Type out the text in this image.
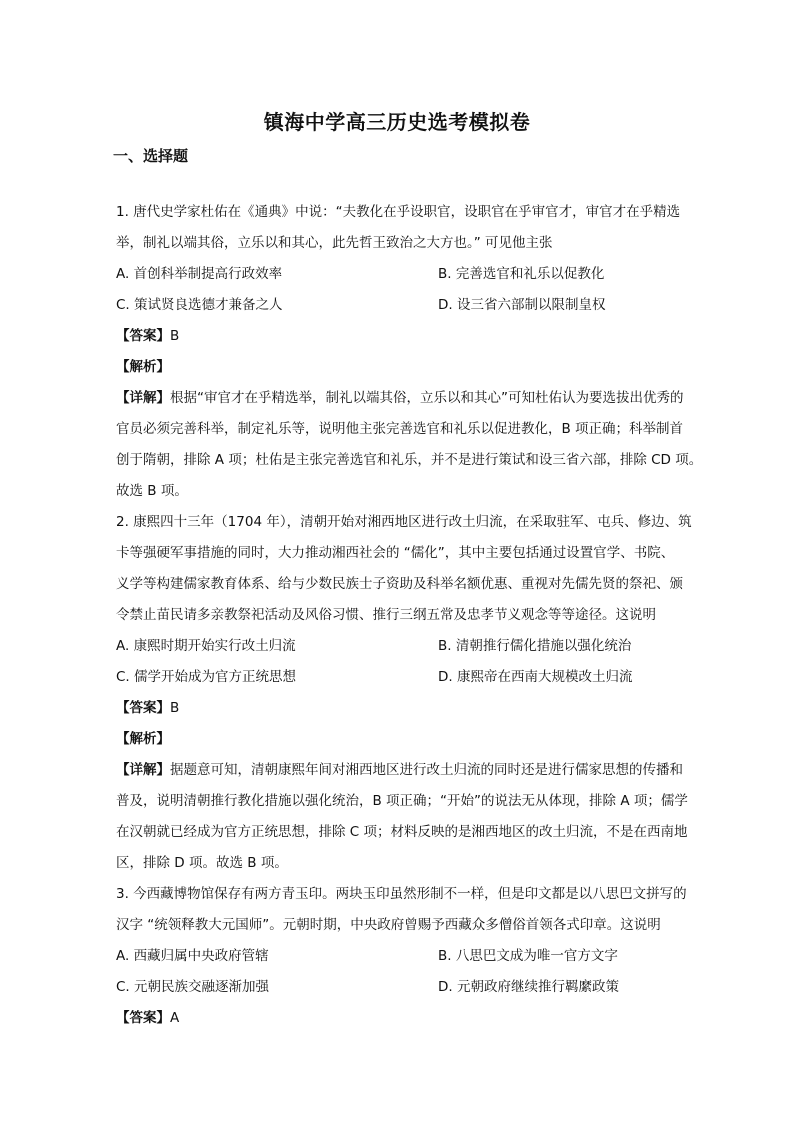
镇海中学高三历史选考模拟卷
一、选择题
1. 唐代史学家杜佑在《通典》中说：“夫教化在乎设职官，设职官在乎审官才，审官才在乎精选
举，制礼以端其俗，立乐以和其心，此先哲王致治之大方也。” 可见他主张
A. 首创科举制提高行政效率	B. 完善选官和礼乐以促教化
C. 策试贤良选德才兼备之人	D. 设三省六部制以限制皇权
【答案】B
【解析】
【详解】根据“审官才在乎精选举，制礼以端其俗，立乐以和其心”可知杜佑认为要选拔出优秀的
官员必须完善科举，制定礼乐等，说明他主张完善选官和礼乐以促进教化，B 项正确；科举制首
创于隋朝，排除 A 项；杜佑是主张完善选官和礼乐，并不是进行策试和设三省六部，排除 CD 项。
故选 B 项。
2. 康熙四十三年（1704 年），清朝开始对湘西地区进行改土归流，在采取驻军、屯兵、修边、筑
卡等强硬军事措施的同时，大力推动湘西社会的 “儒化”，其中主要包括通过设置官学、书院、
义学等构建儒家教育体系、给与少数民族士子资助及科举名额优惠、重视对先儒先贤的祭祀、颁
令禁止苗民请多亲教祭祀活动及风俗习惯、推行三纲五常及忠孝节义观念等等途径。这说明
A. 康熙时期开始实行改土归流	B. 清朝推行儒化措施以强化统治
C. 儒学开始成为官方正统思想	D. 康熙帝在西南大规模改土归流
【答案】B
【解析】
【详解】据题意可知，清朝康熙年间对湘西地区进行改土归流的同时还是进行儒家思想的传播和
普及，说明清朝推行教化措施以强化统治，B 项正确；“开始”的说法无从体现，排除 A 项；儒学
在汉朝就已经成为官方正统思想，排除 C 项；材料反映的是湘西地区的改土归流，不是在西南地
区，排除 D 项。故选 B 项。
3. 今西藏博物馆保存有两方青玉印。两块玉印虽然形制不一样，但是印文都是以八思巴文拼写的
汉字 “统领释教大元国师”。元朝时期，中央政府曾赐予西藏众多僧俗首领各式印章。这说明
A. 西藏归属中央政府管辖	B. 八思巴文成为唯一官方文字
C. 元朝民族交融逐渐加强	D. 元朝政府继续推行羁縻政策
【答案】A
